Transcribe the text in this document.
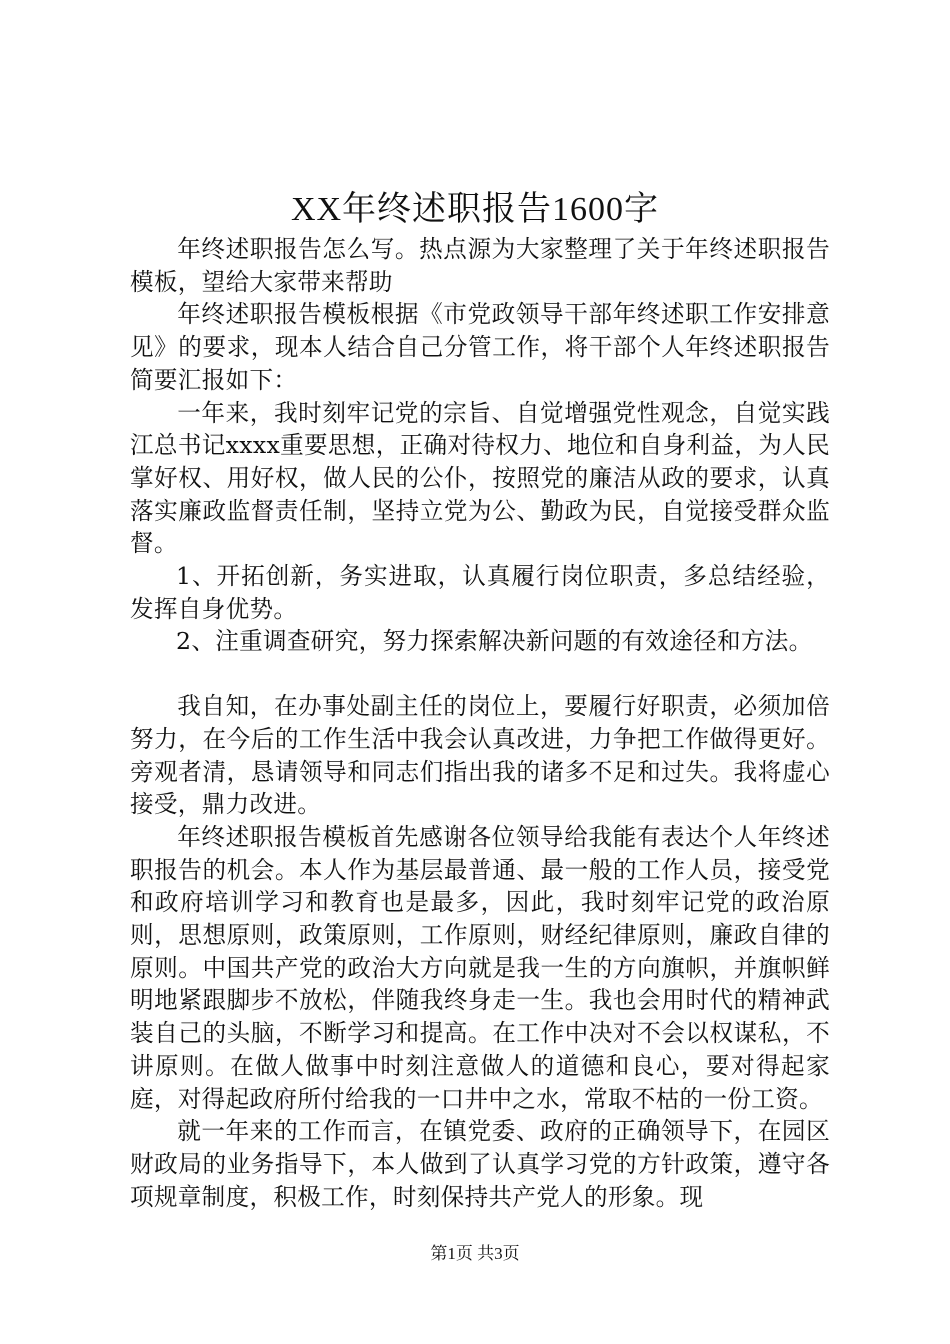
XX年终述职报告1600字

年终述职报告怎么写。热点源为大家整理了关于年终述职报告模板，望给大家带来帮助

年终述职报告模板根据《市党政领导干部年终述职工作安排意见》的要求，现本人结合自己分管工作，将干部个人年终述职报告简要汇报如下：

一年来，我时刻牢记党的宗旨、自觉增强党性观念，自觉实践江总书记xxxx重要思想，正确对待权力、地位和自身利益，为人民掌好权、用好权，做人民的公仆，按照党的廉洁从政的要求，认真落实廉政监督责任制，坚持立党为公、勤政为民，自觉接受群众监督。

1、开拓创新，务实进取，认真履行岗位职责，多总结经验，发挥自身优势。

2、注重调查研究，努力探索解决新问题的有效途径和方法。

我自知，在办事处副主任的岗位上，要履行好职责，必须加倍努力，在今后的工作生活中我会认真改进，力争把工作做得更好。旁观者清，恳请领导和同志们指出我的诸多不足和过失。我将虚心接受，鼎力改进。

年终述职报告模板首先感谢各位领导给我能有表达个人年终述职报告的机会。本人作为基层最普通、最一般的工作人员，接受党和政府培训学习和教育也是最多，因此，我时刻牢记党的政治原则，思想原则，政策原则，工作原则，财经纪律原则，廉政自律的原则。中国共产党的政治大方向就是我一生的方向旗帜，并旗帜鲜明地紧跟脚步不放松，伴随我终身走一生。我也会用时代的精神武装自己的头脑，不断学习和提高。在工作中决对不会以权谋私，不讲原则。在做人做事中时刻注意做人的道德和良心，要对得起家庭，对得起政府所付给我的一口井中之水，常取不枯的一份工资。

就一年来的工作而言，在镇党委、政府的正确领导下，在园区财政局的业务指导下，本人做到了认真学习党的方针政策，遵守各项规章制度，积极工作，时刻保持共产党人的形象。现

第1页 共3页
